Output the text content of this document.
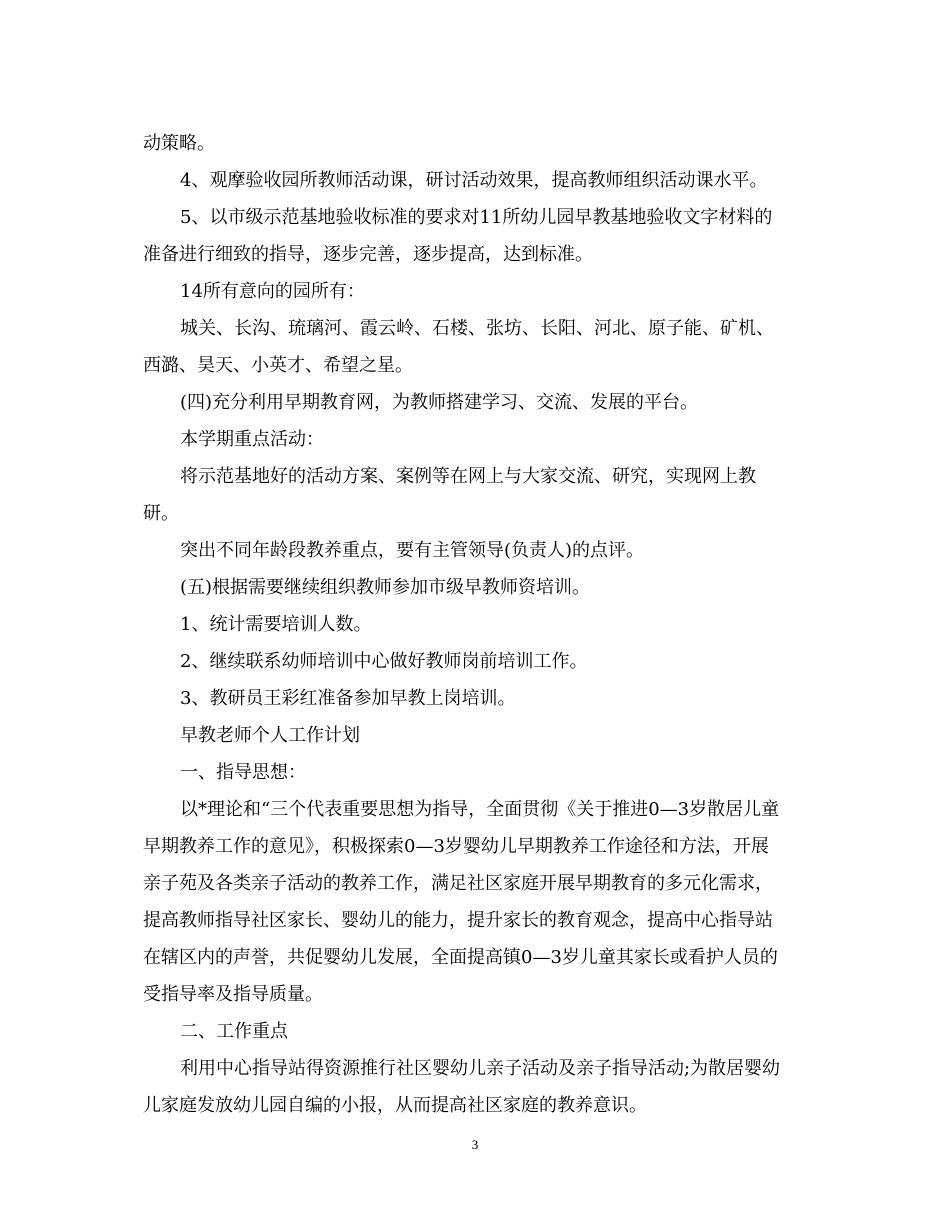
动策略。
4、观摩验收园所教师活动课，研讨活动效果，提高教师组织活动课水平。
5、以市级示范基地验收标准的要求对11所幼儿园早教基地验收文字材料的
准备进行细致的指导，逐步完善，逐步提高，达到标准。
14所有意向的园所有：
城关、长沟、琉璃河、霞云岭、石楼、张坊、长阳、河北、原子能、矿机、
西潞、昊天、小英才、希望之星。
(四)充分利用早期教育网，为教师搭建学习、交流、发展的平台。
本学期重点活动：
将示范基地好的活动方案、案例等在网上与大家交流、研究，实现网上教
研。
突出不同年龄段教养重点，要有主管领导(负责人)的点评。
(五)根据需要继续组织教师参加市级早教师资培训。
1、统计需要培训人数。
2、继续联系幼师培训中心做好教师岗前培训工作。
3、教研员王彩红准备参加早教上岗培训。
早教老师个人工作计划
一、指导思想：
以*理论和“三个代表重要思想为指导，全面贯彻《关于推进0—3岁散居儿童
早期教养工作的意见》，积极探索0—3岁婴幼儿早期教养工作途径和方法，开展
亲子苑及各类亲子活动的教养工作，满足社区家庭开展早期教育的多元化需求，
提高教师指导社区家长、婴幼儿的能力，提升家长的教育观念，提高中心指导站
在辖区内的声誉，共促婴幼儿发展，全面提高镇0—3岁儿童其家长或看护人员的
受指导率及指导质量。
二、工作重点
利用中心指导站得资源推行社区婴幼儿亲子活动及亲子指导活动;为散居婴幼
儿家庭发放幼儿园自编的小报，从而提高社区家庭的教养意识。
3
